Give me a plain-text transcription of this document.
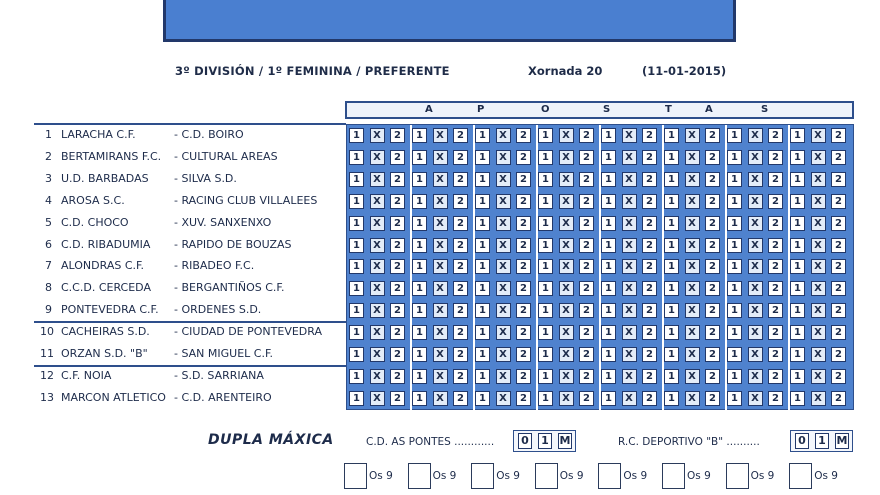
3º DIVISIÓN / 1º FEMININA / PREFERENTE	Xornada 20	(11-01-2015)
A	P	O	S	T	A	S
1 LARACHA C.F.	- C.D. BOIRO
2 BERTAMIRANS F.C. - CULTURAL AREAS
3 U.D. BARBADAS - SILVA S.D.
4 AROSA S.C.	- RACING CLUB VILLALEES
5 C.D. CHOCO	- XUV. SANXENXO
6 C.D. RIBADUMIA - RAPIDO DE BOUZAS
7 ALONDRAS C.F.	- RIBADEO F.C.
8 C.C.D. CERCEDA - BERGANTIÑOS C.F.
9 PONTEVEDRA C.F. - ORDENES S.D.
10 CACHEIRAS S.D. - CIUDAD DE PONTEVEDRA
11 ORZAN S.D. "B" - SAN MIGUEL C.F.
12 C.F. NOIA	- S.D. SARRIANA
13 MARCON ATLETICO - C.D. ARENTEIRO
1	X	2	1	X	2	1	X	2	1	X	2	1	X	2	1	X	2	1	X	2	1	X	2
1	X	2	1	X	2	1	X	2	1	X	2	1	X	2	1	X	2	1	X	2	1	X	2
1	X	2	1	X	2	1	X	2	1	X	2	1	X	2	1	X	2	1	X	2	1	X	2
1	X	2	1	X	2	1	X	2	1	X	2	1	X	2	1	X	2	1	X	2	1	X	2
1	X	2	1	X	2	1	X	2	1	X	2	1	X	2	1	X	2	1	X	2	1	X	2
1	X	2	1	X	2	1	X	2	1	X	2	1	X	2	1	X	2	1	X	2	1	X	2
1	X	2	1	X	2	1	X	2	1	X	2	1	X	2	1	X	2	1	X	2	1	X	2
1	X	2	1	X	2	1	X	2	1	X	2	1	X	2	1	X	2	1	X	2	1	X	2
1	X	2	1	X	2	1	X	2	1	X	2	1	X	2	1	X	2	1	X	2	1	X	2
1	X	2	1	X	2	1	X	2	1	X	2	1	X	2	1	X	2	1	X	2	1	X	2
1	X	2	1	X	2	1	X	2	1	X	2	1	X	2	1	X	2	1	X	2	1	X	2
1	X	2	1	X	2	1	X	2	1	X	2	1	X	2	1	X	2	1	X	2	1	X	2
1	X	2	1	X	2	1	X	2	1	X	2	1	X	2	1	X	2	1	X	2	1	X	2
DUPLA MÁXICA	C.D. AS PONTES ............ 0 1 M	R.C. DEPORTIVO "B" ..........	0 1 M
Os 9	Os 9	Os 9	Os 9	Os 9	Os 9	Os 9	Os 9
